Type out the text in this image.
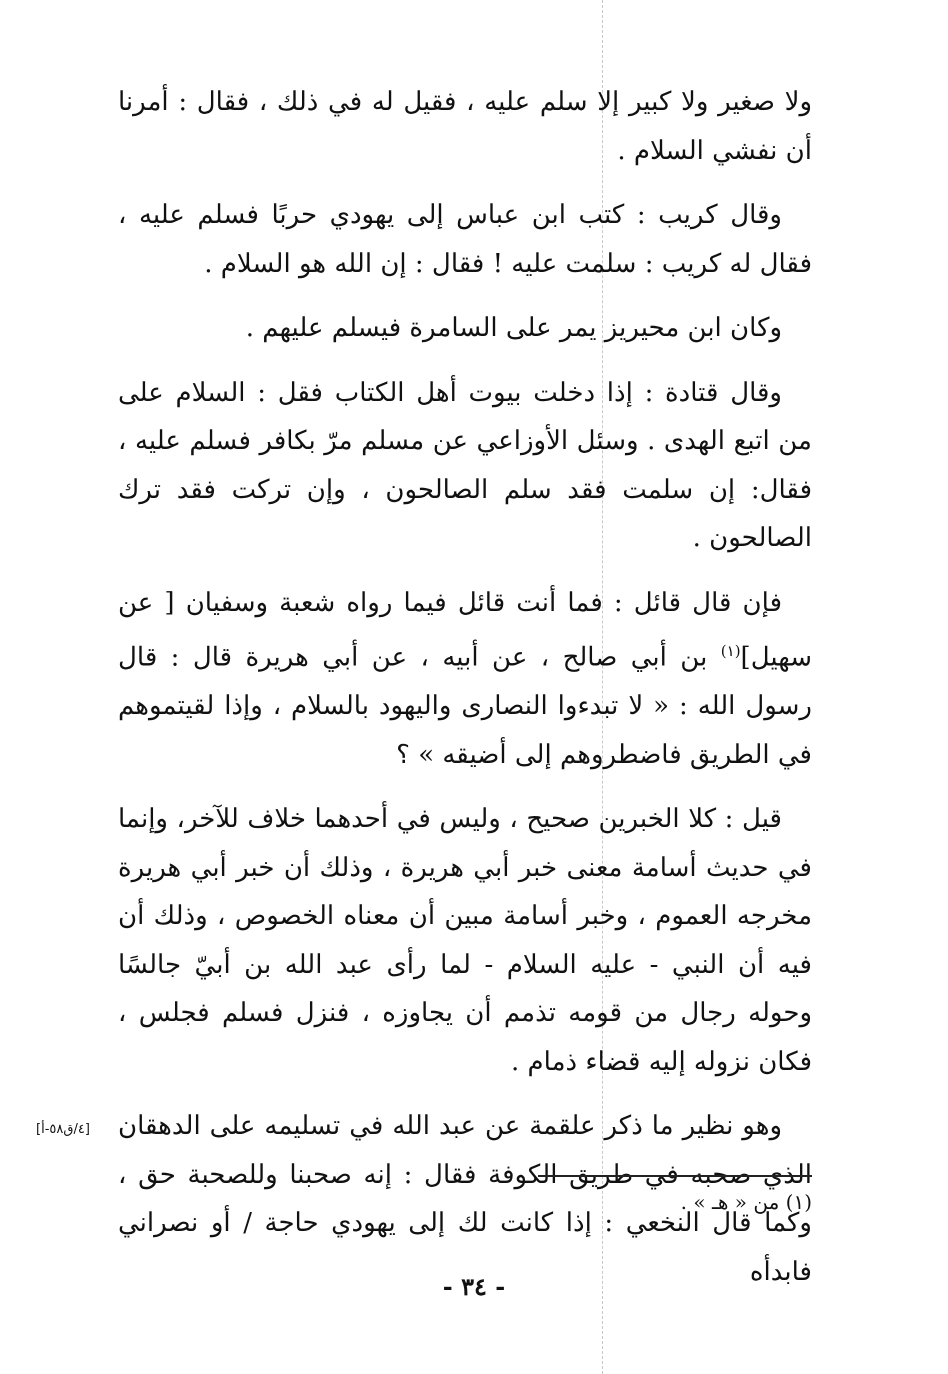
ولا صغير ولا كبير إلا سلم عليه ، فقيل له في ذلك ، فقال : أمرنا أن نفشي السلام .

وقال كريب : كتب ابن عباس إلى يهودي حربًا فسلم عليه ، فقال له كريب : سلمت عليه ! فقال : إن الله هو السلام .

وكان ابن محيريز يمر على السامرة فيسلم عليهم .

وقال قتادة : إذا دخلت بيوت أهل الكتاب فقل : السلام على من اتبع الهدى . وسئل الأوزاعي عن مسلم مرّ بكافر فسلم عليه ، فقال: إن سلمت فقد سلم الصالحون ، وإن تركت فقد ترك الصالحون .

فإن قال قائل : فما أنت قائل فيما رواه شعبة وسفيان [ عن سهيل]$^{(١)}$ بن أبي صالح ، عن أبيه ، عن أبي هريرة قال : قال رسول الله : « لا تبدءوا النصارى واليهود بالسلام ، وإذا لقيتموهم في الطريق فاضطروهم إلى أضيقه » ؟

قيل : كلا الخبرين صحيح ، وليس في أحدهما خلاف للآخر، وإنما في حديث أسامة معنى خبر أبي هريرة ، وذلك أن خبر أبي هريرة مخرجه العموم ، وخبر أسامة مبين أن معناه الخصوص ، وذلك أن فيه أن النبي - عليه السلام - لما رأى عبد الله بن أبيّ جالسًا وحوله رجال من قومه تذمم أن يجاوزه ، فنزل فسلم فجلس ، فكان نزوله إليه قضاء ذمام .

وهو نظير ما ذكر علقمة عن عبد الله في تسليمه على الدهقان الذي صحبه في طريق الكوفة فقال : إنه صحبنا وللصحبة حق ، وكما قال النخعي : إذا كانت لك إلى يهودي حاجة / أو نصراني فابدأه

[٤/ق٥٨-أ]
(١) من « هـ » .
- ٣٤ -
